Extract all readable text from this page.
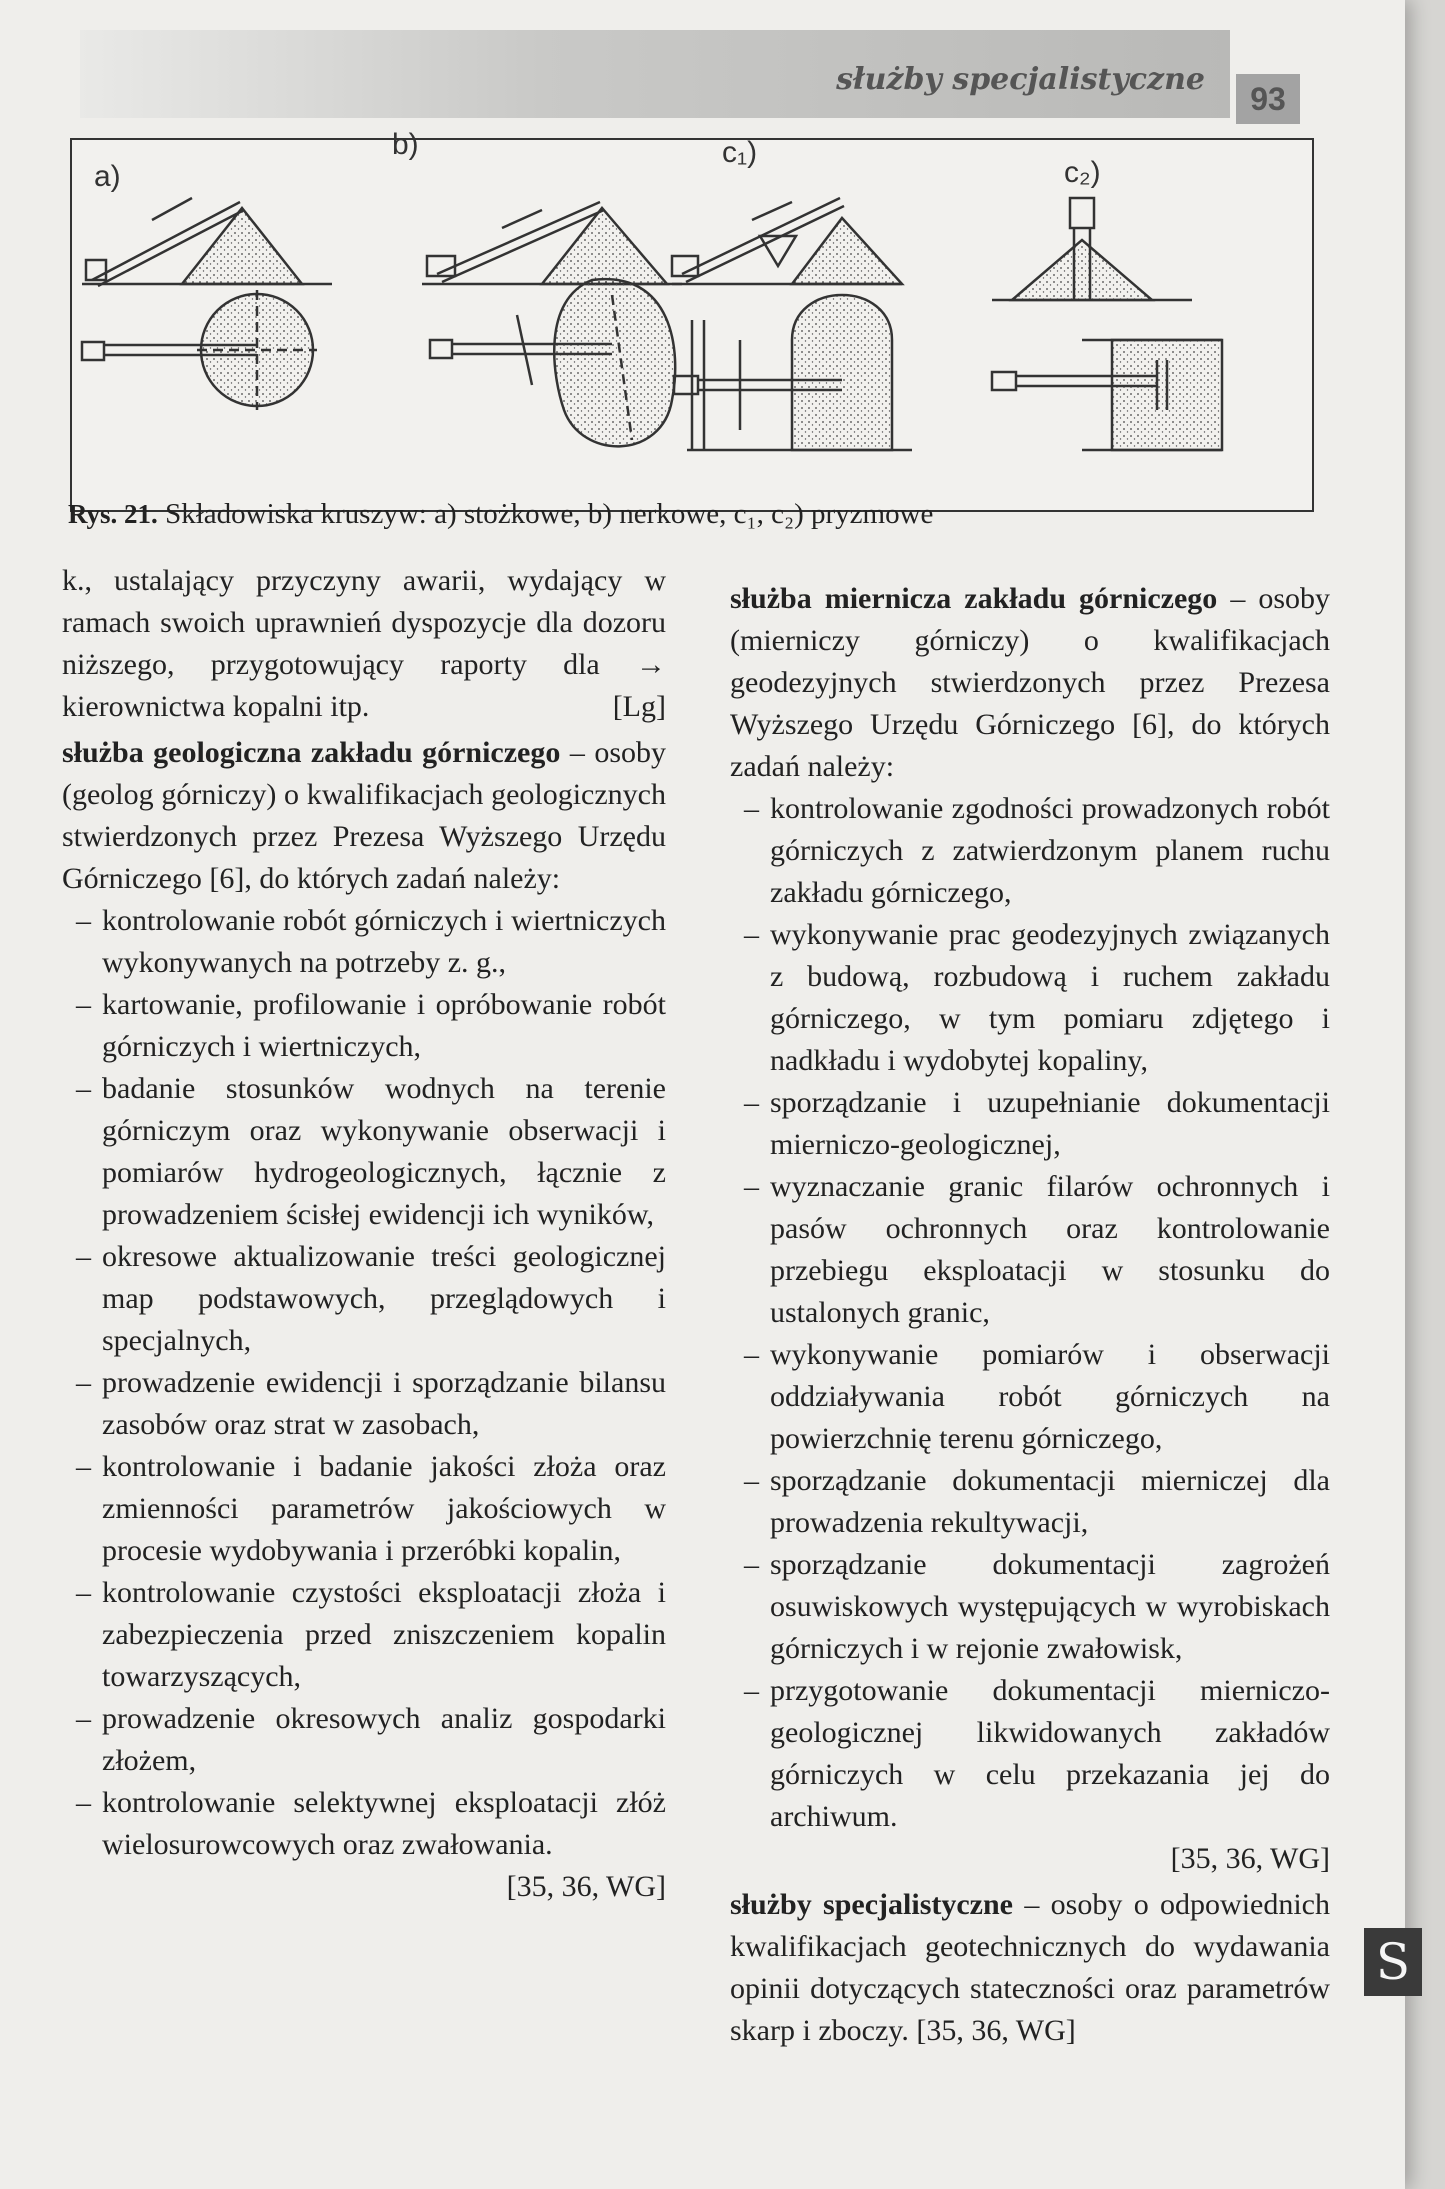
służby specjalistyczne
93
a)
b)	c₁)
c₂)
Rys. 21. Składowiska kruszyw: a) stożkowe, b) nerkowe, c₁, c₂) pryzmowe

k., ustalający przyczyny awarii, wydający w ramach swoich uprawnień dyspozycje dla dozoru niższego, przygotowujący raporty dla → kierownictwa kopalni itp.	[Lg]

służba geologiczna zakładu górniczego – osoby (geolog górniczy) o kwalifikacjach geologicznych stwierdzonych przez Prezesa Wyższego Urzędu Górniczego [6], do których zadań należy:

– kontrolowanie robót górniczych i wiertniczych wykonywanych na potrzeby z. g.,
– kartowanie, profilowanie i opróbowanie robót górniczych i wiertniczych,
– badanie stosunków wodnych na terenie górniczym oraz wykonywanie obserwacji i pomiarów hydrogeologicznych, łącznie z prowadzeniem ścisłej ewidencji ich wyników,
– okresowe aktualizowanie treści geologicznej map podstawowych, przeglądowych i specjalnych,
– prowadzenie ewidencji i sporządzanie bilansu zasobów oraz strat w zasobach,
– kontrolowanie i badanie jakości złoża oraz zmienności parametrów jakościowych w procesie wydobywania i przeróbki kopalin,
– kontrolowanie czystości eksploatacji złoża i zabezpieczenia przed zniszczeniem kopalin towarzyszących,
– prowadzenie okresowych analiz gospodarki złożem,
– kontrolowanie selektywnej eksploatacji złóż wielosurowcowych oraz zwałowania.

[35, 36, WG]

służba miernicza zakładu górniczego – osoby (mierniczy górniczy) o kwalifikacjach geodezyjnych stwierdzonych przez Prezesa Wyższego Urzędu Górniczego [6], do których zadań należy:

– kontrolowanie zgodności prowadzonych robót górniczych z zatwierdzonym planem ruchu zakładu górniczego,
– wykonywanie prac geodezyjnych związanych z budową, rozbudową i ruchem zakładu górniczego, w tym pomiaru zdjętego i nadkładu i wydobytej kopaliny,
– sporządzanie i uzupełnianie dokumentacji mierniczo-geologicznej,
– wyznaczanie granic filarów ochronnych i pasów ochronnych oraz kontrolowanie przebiegu eksploatacji w stosunku do ustalonych granic,
– wykonywanie pomiarów i obserwacji oddziaływania robót górniczych na powierzchnię terenu górniczego,
– sporządzanie dokumentacji mierniczej dla prowadzenia rekultywacji,
– sporządzanie dokumentacji zagrożeń osuwiskowych występujących w wyrobiskach górniczych i w rejonie zwałowisk,
– przygotowanie dokumentacji mierniczo-geologicznej likwidowanych zakładów górniczych w celu przekazania jej do archiwum.

[35, 36, WG]

służby specjalistyczne – osoby o odpowiednich kwalifikacjach geotechnicznych do wydawania opinii dotyczących stateczności oraz parametrów skarp i zboczy. [35, 36, WG]

S
